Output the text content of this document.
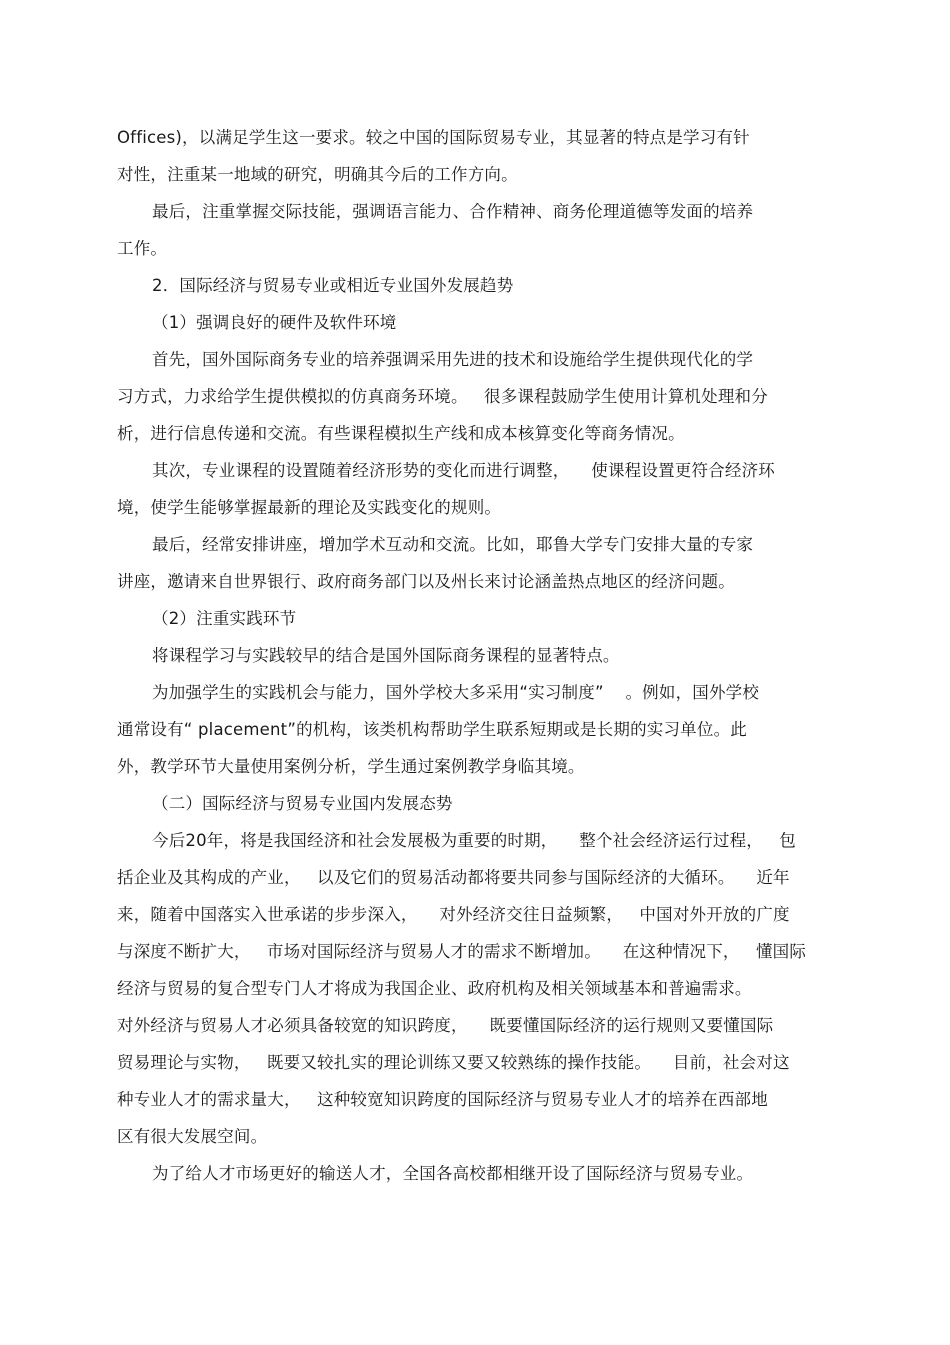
Offices)，以满足学生这一要求。较之中国的国际贸易专业，其显著的特点是学习有针
对性，注重某一地域的研究，明确其今后的工作方向。
最后，注重掌握交际技能，强调语言能力、合作精神、商务伦理道德等发面的培养
工作。
2．国际经济与贸易专业或相近专业国外发展趋势
（1）强调良好的硬件及软件环境
首先，国外国际商务专业的培养强调采用先进的技术和设施给学生提供现代化的学
习方式，力求给学生提供模拟的仿真商务环境。   很多课程鼓励学生使用计算机处理和分
析，进行信息传递和交流。有些课程模拟生产线和成本核算变化等商务情况。
其次，专业课程的设置随着经济形势的变化而进行调整，    使课程设置更符合经济环
境，使学生能够掌握最新的理论及实践变化的规则。
最后，经常安排讲座，增加学术互动和交流。比如，耶鲁大学专门安排大量的专家
讲座，邀请来自世界银行、政府商务部门以及州长来讨论涵盖热点地区的经济问题。
（2）注重实践环节
将课程学习与实践较早的结合是国外国际商务课程的显著特点。
为加强学生的实践机会与能力，国外学校大多采用“实习制度”    。例如，国外学校
通常设有“ placement”的机构，该类机构帮助学生联系短期或是长期的实习单位。此
外，教学环节大量使用案例分析，学生通过案例教学身临其境。
（二）国际经济与贸易专业国内发展态势
今后20年，将是我国经济和社会发展极为重要的时期，    整个社会经济运行过程，   包
括企业及其构成的产业，   以及它们的贸易活动都将要共同参与国际经济的大循环。    近年
来，随着中国落实入世承诺的步步深入，    对外经济交往日益频繁，   中国对外开放的广度
与深度不断扩大，   市场对国际经济与贸易人才的需求不断增加。    在这种情况下，   懂国际
经济与贸易的复合型专门人才将成为我国企业、政府机构及相关领域基本和普遍需求。
对外经济与贸易人才必须具备较宽的知识跨度，    既要懂国际经济的运行规则又要懂国际
贸易理论与实物，   既要又较扎实的理论训练又要又较熟练的操作技能。    目前，社会对这
种专业人才的需求量大，   这种较宽知识跨度的国际经济与贸易专业人才的培养在西部地
区有很大发展空间。
为了给人才市场更好的输送人才，全国各高校都相继开设了国际经济与贸易专业。
